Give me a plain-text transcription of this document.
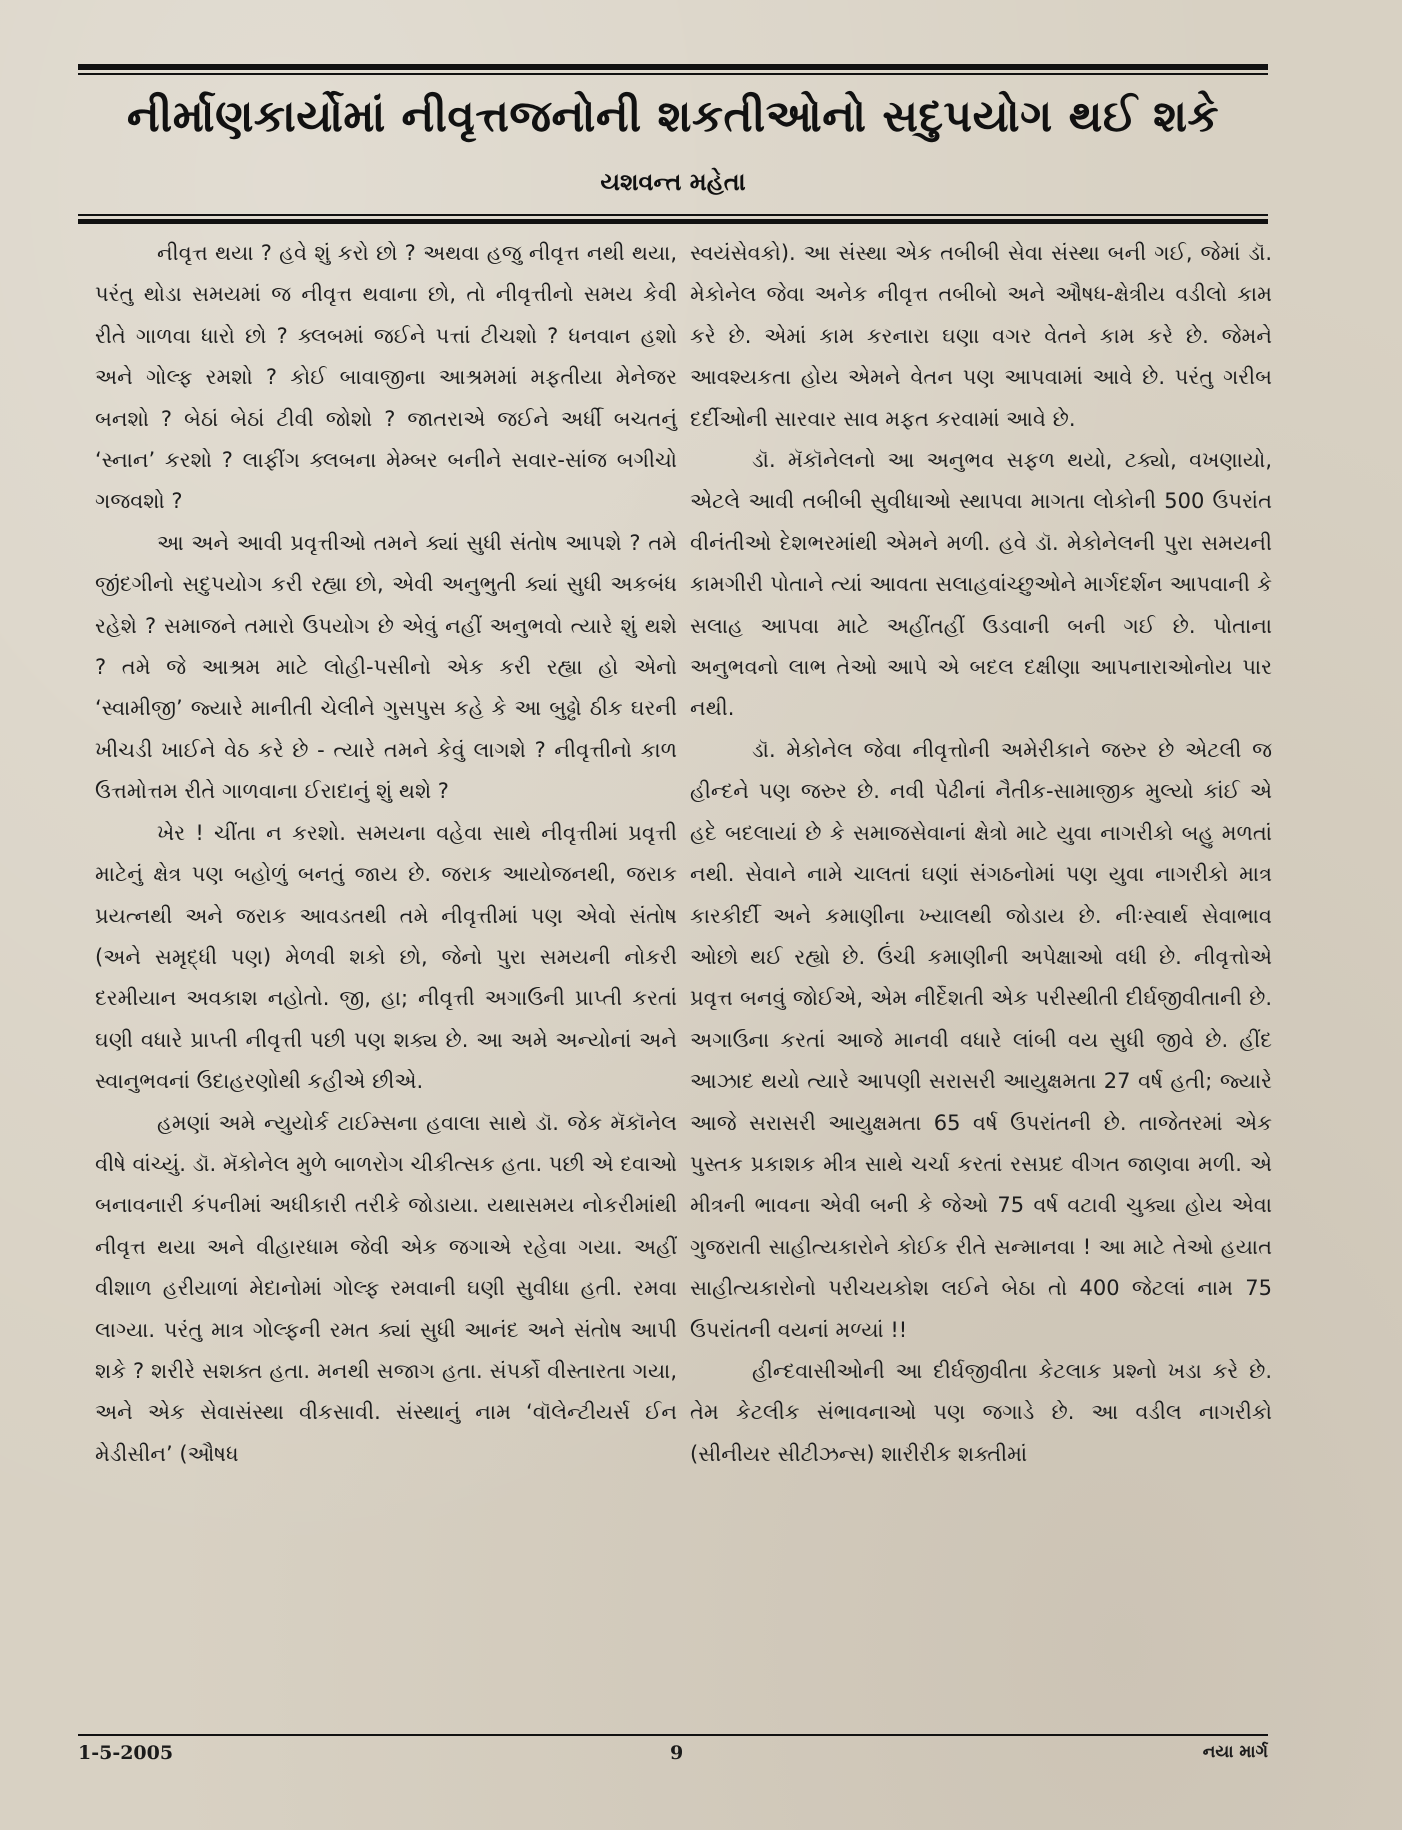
નીર્માણકાર્યોમાં નીવૃત્તજનોની શકતીઓનો સદુપયોગ થઈ શકે
યશવન્ત મહેતા

નીવૃત્ત થયા ? હવે શું કરો છો ? અથવા હજુ નીવૃત્ત નથી થયા, પરંતુ થોડા સમયમાં જ નીવૃત્ત થવાના છો, તો નીવૃત્તીનો સમય કેવી રીતે ગાળવા ધારો છો ? ક્લબમાં જઈને પત્તાં ટીચશો ? ધનવાન હશો અને ગોલ્ફ રમશો ? કોઈ બાવાજીના આશ્રમમાં મફતીયા મેનેજર બનશો ? બેઠાં બેઠાં ટીવી જોશો ? જાતરાએ જઈને અર્ધી બચતનું ‘સ્નાન’ કરશો ? લાફીંગ ક્લબના મેમ્બર બનીને સવાર-સાંજ બગીચો ગજવશો ?

આ અને આવી પ્રવૃત્તીઓ તમને ક્યાં સુધી સંતોષ આપશે ? તમે જીંદગીનો સદુપયોગ કરી રહ્યા છો, એવી અનુભુતી ક્યાં સુધી અકબંધ રહેશે ? સમાજને તમારો ઉપયોગ છે એવું નહીં અનુભવો ત્યારે શું થશે ? તમે જે આશ્રમ માટે લોહી-પસીનો એક કરી રહ્યા હો એનો ‘સ્વામીજી’ જ્યારે માનીતી ચેલીને ગુસપુસ કહે કે આ બુઢ્ઢો ઠીક ઘરની ખીચડી ખાઈને વેઠ કરે છે - ત્યારે તમને કેવું લાગશે ? નીવૃત્તીનો કાળ ઉત્તમોત્તમ રીતે ગાળવાના ઈરાદાનું શું થશે ?

ખેર ! ચીંતા ન કરશો. સમયના વહેવા સાથે નીવૃત્તીમાં પ્રવૃત્તી માટેનું ક્ષેત્ર પણ બહોળું બનતું જાય છે. જરાક આયોજનથી, જરાક પ્રયત્નથી અને જરાક આવડતથી તમે નીવૃત્તીમાં પણ એવો સંતોષ (અને સમૃદ્ધી પણ) મેળવી શકો છો, જેનો પુરા સમયની નોકરી દરમીયાન અવકાશ નહોતો. જી, હા; નીવૃત્તી અગાઉની પ્રાપ્તી કરતાં ઘણી વધારે પ્રાપ્તી નીવૃત્તી પછી પણ શક્ય છે. આ અમે અન્યોનાં અને સ્વાનુભવનાં ઉદાહરણોથી કહીએ છીએ.

હમણાં અમે ન્યુયોર્ક ટાઈમ્સના હવાલા સાથે ડૉ. જેક મૅકૉનેલ વીષે વાંચ્યું. ડૉ. મૅકોનેલ મુળે બાળરોગ ચીકીત્સક હતા. પછી એ દવાઓ બનાવનારી કંપનીમાં અધીકારી તરીકે જોડાયા. યથાસમય નોકરીમાંથી નીવૃત્ત થયા અને વીહારધામ જેવી એક જગાએ રહેવા ગયા. અહીં વીશાળ હરીયાળાં મેદાનોમાં ગોલ્ફ રમવાની ઘણી સુવીધા હતી. રમવા લાગ્યા. પરંતુ માત્ર ગોલ્ફની રમત ક્યાં સુધી આનંદ અને સંતોષ આપી શકે ? શરીરે સશક્ત હતા. મનથી સજાગ હતા. સંપર્કો વીસ્તારતા ગયા, અને એક સેવાસંસ્થા વીકસાવી. સંસ્થાનું નામ ‘વૉલેન્ટીયર્સ ઈન મેડીસીન’ (ઔષધ

સ્વયંસેવકો). આ સંસ્થા એક તબીબી સેવા સંસ્થા બની ગઈ, જેમાં ડૉ. મેકોનેલ જેવા અનેક નીવૃત્ત તબીબો અને ઔષધ-ક્ષેત્રીય વડીલો કામ કરે છે. એમાં કામ કરનારા ઘણા વગર વેતને કામ કરે છે. જેમને આવશ્યકતા હોય એમને વેતન પણ આપવામાં આવે છે. પરંતુ ગરીબ દર્દીઓની સારવાર સાવ મફત કરવામાં આવે છે.

ડૉ. મૅકૉનેલનો આ અનુભવ સફળ થયો, ટક્યો, વખણાયો, એટલે આવી તબીબી સુવીધાઓ સ્થાપવા માગતા લોકોની 500 ઉપરાંત વીનંતીઓ દેશભરમાંથી એમને મળી. હવે ડૉ. મેકોનેલની પુરા સમયની કામગીરી પોતાને ત્યાં આવતા સલાહવાંચ્છુઓને માર્ગદર્શન આપવાની કે સલાહ આપવા માટે અહીંતહીં ઉડવાની બની ગઈ છે. પોતાના અનુભવનો લાભ તેઓ આપે એ બદલ દક્ષીણા આપનારાઓનોય પાર નથી.

ડૉ. મેકોનેલ જેવા નીવૃત્તોની અમેરીકાને જરુર છે એટલી જ હીન્દને પણ જરુર છે. નવી પેઢીનાં નૈતીક-સામાજીક મુલ્યો કાંઈ એ હદે બદલાયાં છે કે સમાજસેવાનાં ક્ષેત્રો માટે યુવા નાગરીકો બહુ મળતાં નથી. સેવાને નામે ચાલતાં ઘણાં સંગઠનોમાં પણ યુવા નાગરીકો માત્ર કારકીર્દી અને કમાણીના ખ્યાલથી જોડાય છે. નીઃસ્વાર્થ સેવાભાવ ઓછો થઈ રહ્યો છે. ઉંચી કમાણીની અપેક્ષાઓ વધી છે. નીવૃત્તોએ પ્રવૃત્ત બનવું જોઈએ, એમ નીર્દેશતી એક પરીસ્થીતી દીર્ઘજીવીતાની છે. અગાઉના કરતાં આજે માનવી વધારે લાંબી વય સુધી જીવે છે. હીંદ આઝાદ થયો ત્યારે આપણી સરાસરી આયુક્ષમતા 27 વર્ષ હતી; જ્યારે આજે સરાસરી આયુક્ષમતા 65 વર્ષ ઉપરાંતની છે. તાજેતરમાં એક પુસ્તક પ્રકાશક મીત્ર સાથે ચર્ચા કરતાં રસપ્રદ વીગત જાણવા મળી. એ મીત્રની ભાવના એવી બની કે જેઓ 75 વર્ષ વટાવી ચુક્યા હોય એવા ગુજરાતી સાહીત્યકારોને કોઈક રીતે સન્માનવા ! આ માટે તેઓ હયાત સાહીત્યકારોનો પરીચયકોશ લઈને બેઠા તો 400 જેટલાં નામ 75 ઉપરાંતની વયનાં મળ્યાં !!

હીન્દવાસીઓની આ દીર્ઘજીવીતા કેટલાક પ્રશ્નો ખડા કરે છે. તેમ કેટલીક સંભાવનાઓ પણ જગાડે છે. આ વડીલ નાગરીકો (સીનીયર સીટીઝન્સ) શારીરીક શક્તીમાં

1-5-2005	9	નયા માર્ગ
